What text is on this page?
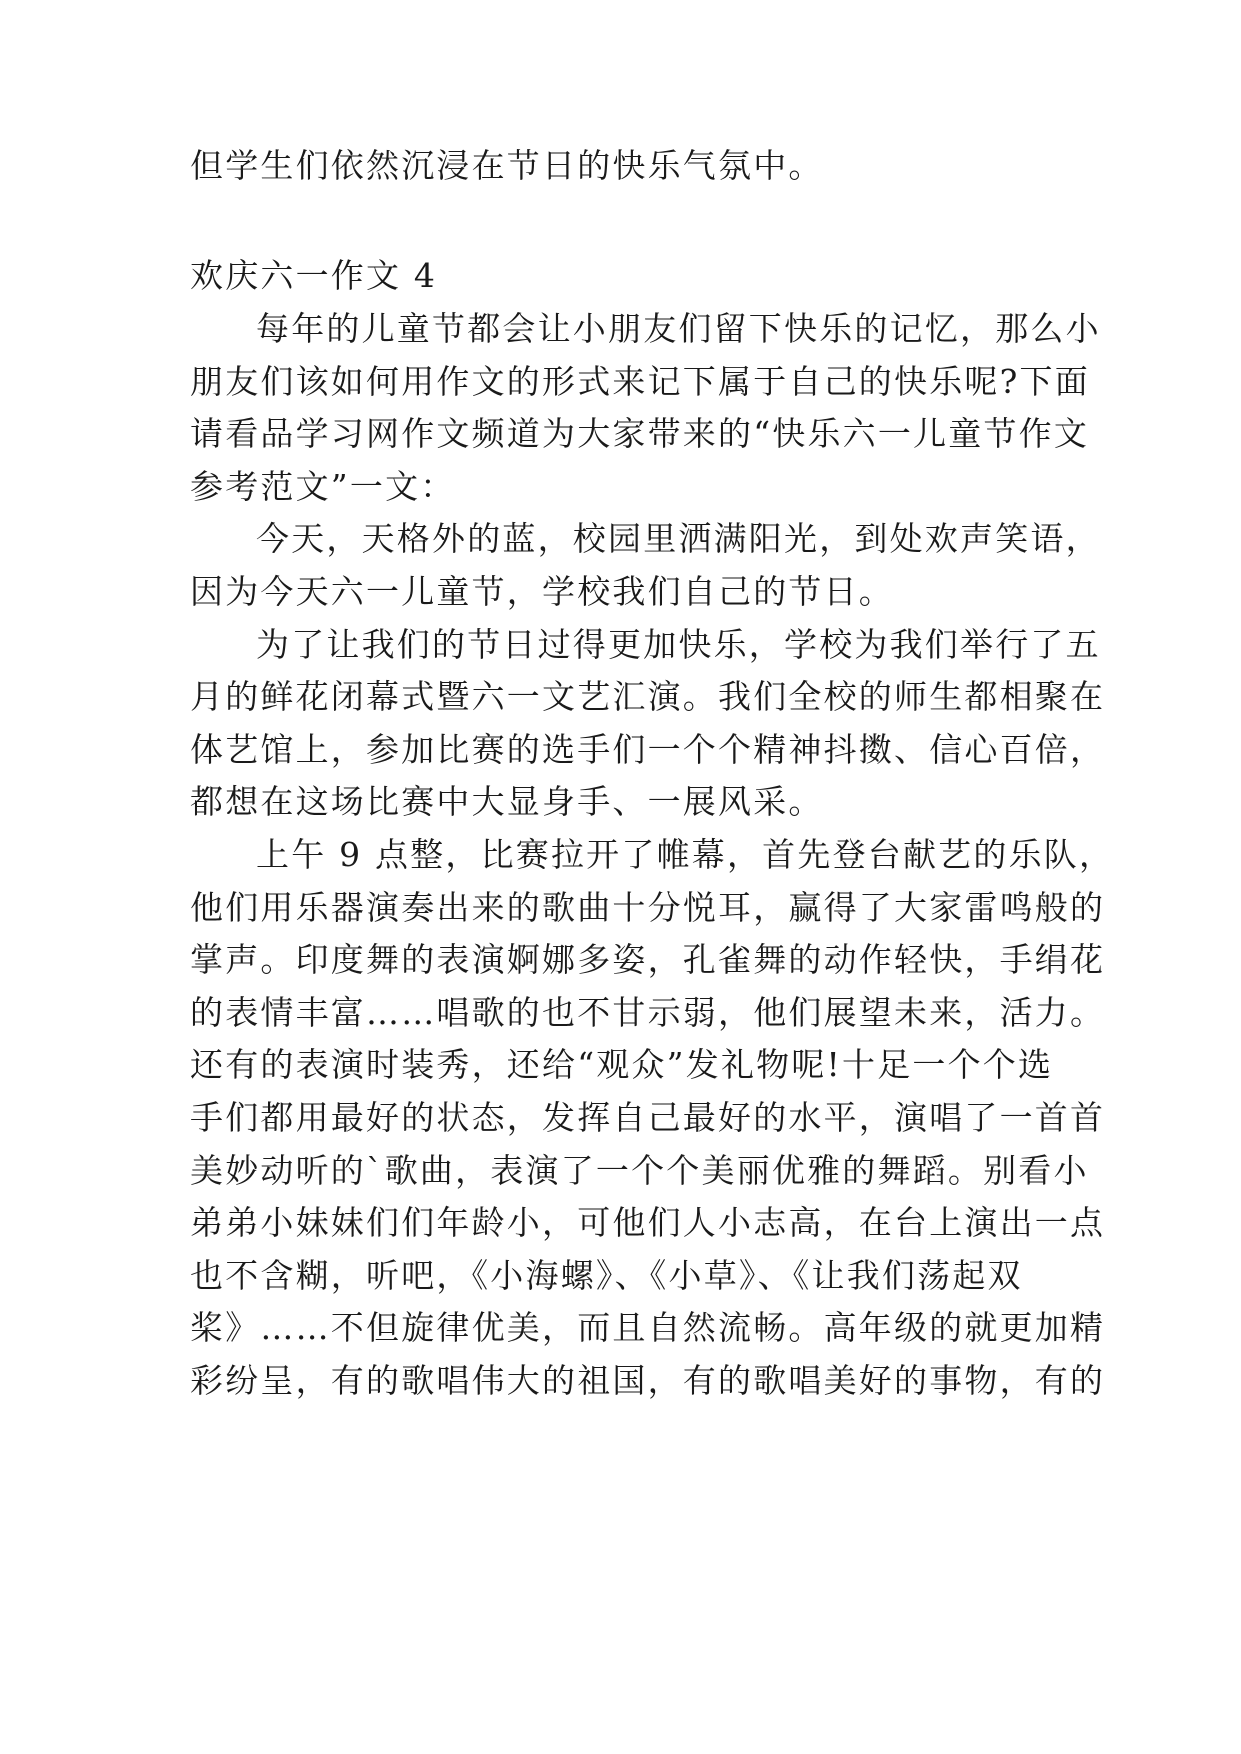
但学生们依然沉浸在节日的快乐气氛中。
欢庆六一作文 4
每年的儿童节都会让小朋友们留下快乐的记忆，那么小
朋友们该如何用作文的形式来记下属于自己的快乐呢?下面
请看品学习网作文频道为大家带来的“快乐六一儿童节作文
参考范文”一文：
今天，天格外的蓝，校园里洒满阳光，到处欢声笑语，
因为今天六一儿童节，学校我们自己的节日。
为了让我们的节日过得更加快乐，学校为我们举行了五
月的鲜花闭幕式暨六一文艺汇演。我们全校的师生都相聚在
体艺馆上，参加比赛的选手们一个个精神抖擞、信心百倍，
都想在这场比赛中大显身手、一展风采。
上午 9 点整，比赛拉开了帷幕，首先登台献艺的乐队，
他们用乐器演奏出来的歌曲十分悦耳，赢得了大家雷鸣般的
掌声。印度舞的表演婀娜多姿，孔雀舞的动作轻快，手绢花
的表情丰富……唱歌的也不甘示弱，他们展望未来，活力。
还有的表演时装秀，还给“观众”发礼物呢!十足一个个选
手们都用最好的状态，发挥自己最好的水平，演唱了一首首
美妙动听的`歌曲，表演了一个个美丽优雅的舞蹈。别看小
弟弟小妹妹们们年龄小，可他们人小志高，在台上演出一点
也不含糊，听吧，《小海螺》、《小草》、《让我们荡起双
桨》……不但旋律优美，而且自然流畅。高年级的就更加精
彩纷呈，有的歌唱伟大的祖国，有的歌唱美好的事物，有的
